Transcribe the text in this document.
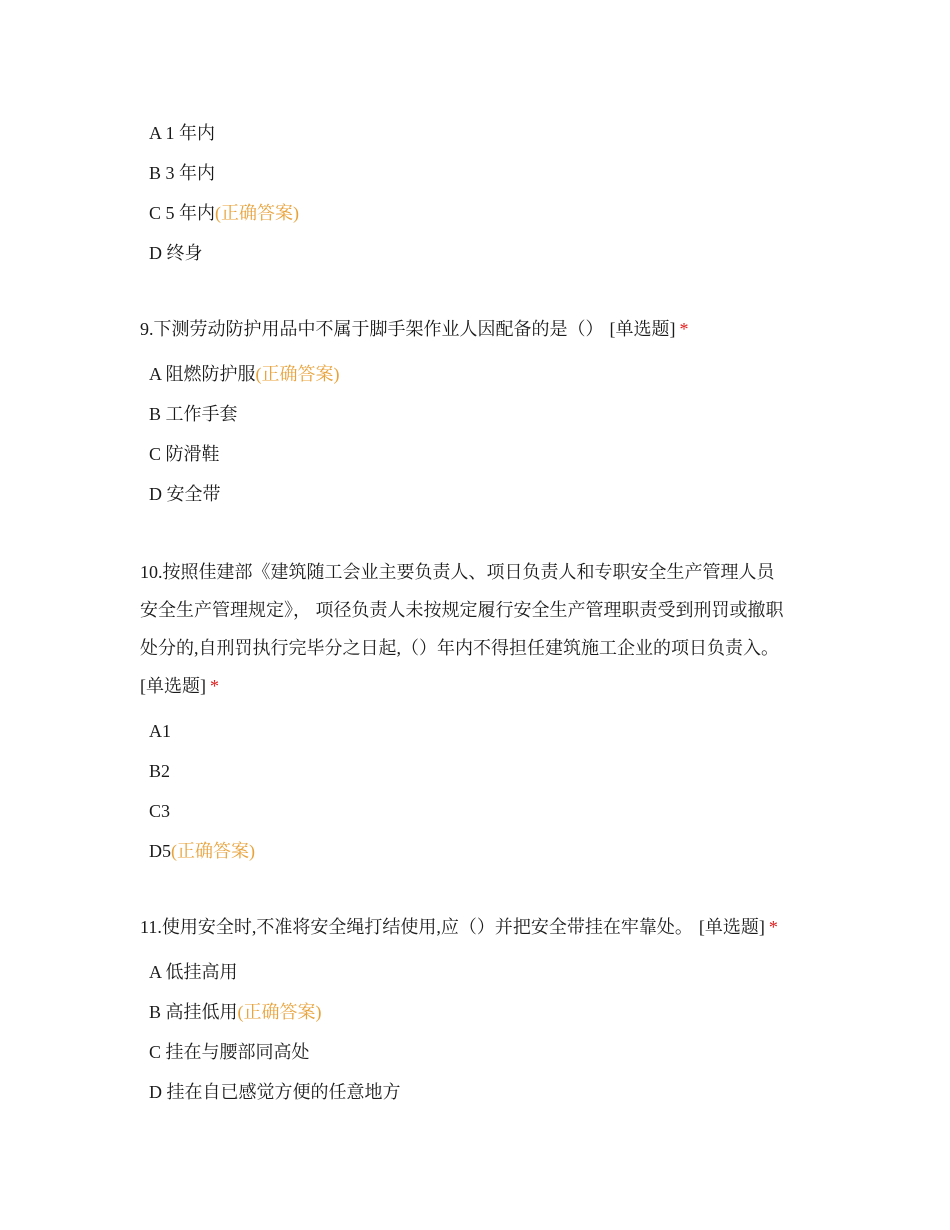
A 1 年内
B 3 年内
C 5 年内(正确答案)
D 终身

9.下测劳动防护用品中不属于脚手架作业人因配备的是（） [单选题] *

A 阻燃防护服(正确答案)
B 工作手套
C 防滑鞋
D 安全带
10.按照佳建部《建筑随工会业主要负责人、项日负责人和专职安全生产管理人员
安全生产管理规定》， 项径负责人未按规定履行安全生产管理职责受到刑罚或撤职
处分的,自刑罚执行完毕分之日起,（）年内不得担任建筑施工企业的项日负责入。
[单选题] *
A1
B2
C3
D5(正确答案)

11.使用安全时,不准将安全绳打结使用,应（）并把安全带挂在牢靠处。 [单选题] *

A 低挂高用
B 高挂低用(正确答案)
C 挂在与腰部同高处
D 挂在自已感觉方便的任意地方
